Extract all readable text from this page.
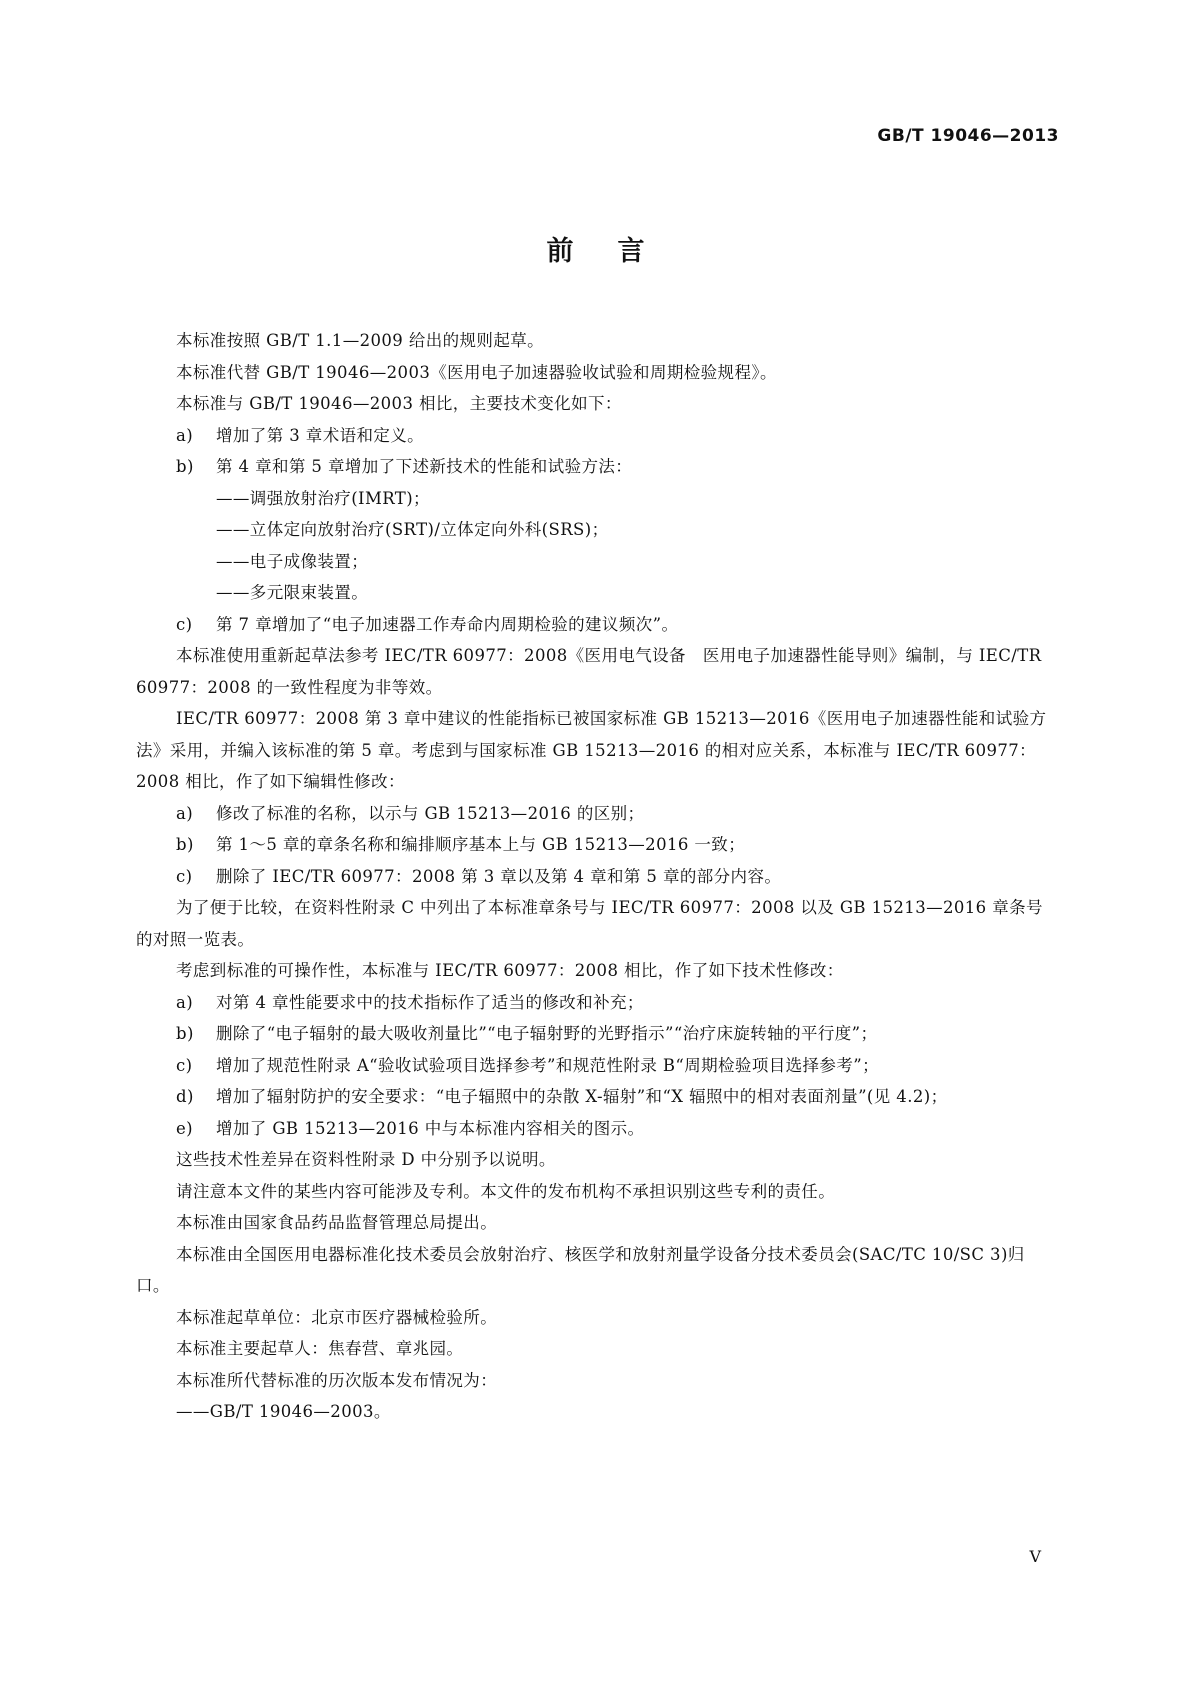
GB/T 19046—2013

前言

本标准按照 GB/T 1.1—2009 给出的规则起草。

本标准代替 GB/T 19046—2003《医用电子加速器验收试验和周期检验规程》。

本标准与 GB/T 19046—2003 相比，主要技术变化如下：

a)	增加了第 3 章术语和定义。
b)	第 4 章和第 5 章增加了下述新技术的性能和试验方法：

——调强放射治疗(IMRT)；

——立体定向放射治疗(SRT)/立体定向外科(SRS)；

——电子成像装置；

——多元限束装置。

c)	第 7 章增加了“电子加速器工作寿命内周期检验的建议频次”。

本标准使用重新起草法参考 IEC/TR 60977：2008《医用电气设备　医用电子加速器性能导则》编制，与 IEC/TR 60977：2008 的一致性程度为非等效。

IEC/TR 60977：2008 第 3 章中建议的性能指标已被国家标准 GB 15213—2016《医用电子加速器性能和试验方法》采用，并编入该标准的第 5 章。考虑到与国家标准 GB 15213—2016 的相对应关系，本标准与 IEC/TR 60977：2008 相比，作了如下编辑性修改：

a)	修改了标准的名称，以示与 GB 15213—2016 的区别；
b)	第 1～5 章的章条名称和编排顺序基本上与 GB 15213—2016 一致；
c)	删除了 IEC/TR 60977：2008 第 3 章以及第 4 章和第 5 章的部分内容。

为了便于比较，在资料性附录 C 中列出了本标准章条号与 IEC/TR 60977：2008 以及 GB 15213—2016 章条号的对照一览表。

考虑到标准的可操作性，本标准与 IEC/TR 60977：2008 相比，作了如下技术性修改：

a)	对第 4 章性能要求中的技术指标作了适当的修改和补充；
b)	删除了“电子辐射的最大吸收剂量比”“电子辐射野的光野指示”“治疗床旋转轴的平行度”；
c)	增加了规范性附录 A“验收试验项目选择参考”和规范性附录 B“周期检验项目选择参考”；
d)	增加了辐射防护的安全要求：“电子辐照中的杂散 X-辐射”和“X 辐照中的相对表面剂量”(见 4.2)；
e)	增加了 GB 15213—2016 中与本标准内容相关的图示。

这些技术性差异在资料性附录 D 中分别予以说明。

请注意本文件的某些内容可能涉及专利。本文件的发布机构不承担识别这些专利的责任。

本标准由国家食品药品监督管理总局提出。

本标准由全国医用电器标准化技术委员会放射治疗、核医学和放射剂量学设备分技术委员会(SAC/TC 10/SC 3)归口。

本标准起草单位：北京市医疗器械检验所。

本标准主要起草人：焦春营、章兆园。

本标准所代替标准的历次版本发布情况为：

——GB/T 19046—2003。

V
